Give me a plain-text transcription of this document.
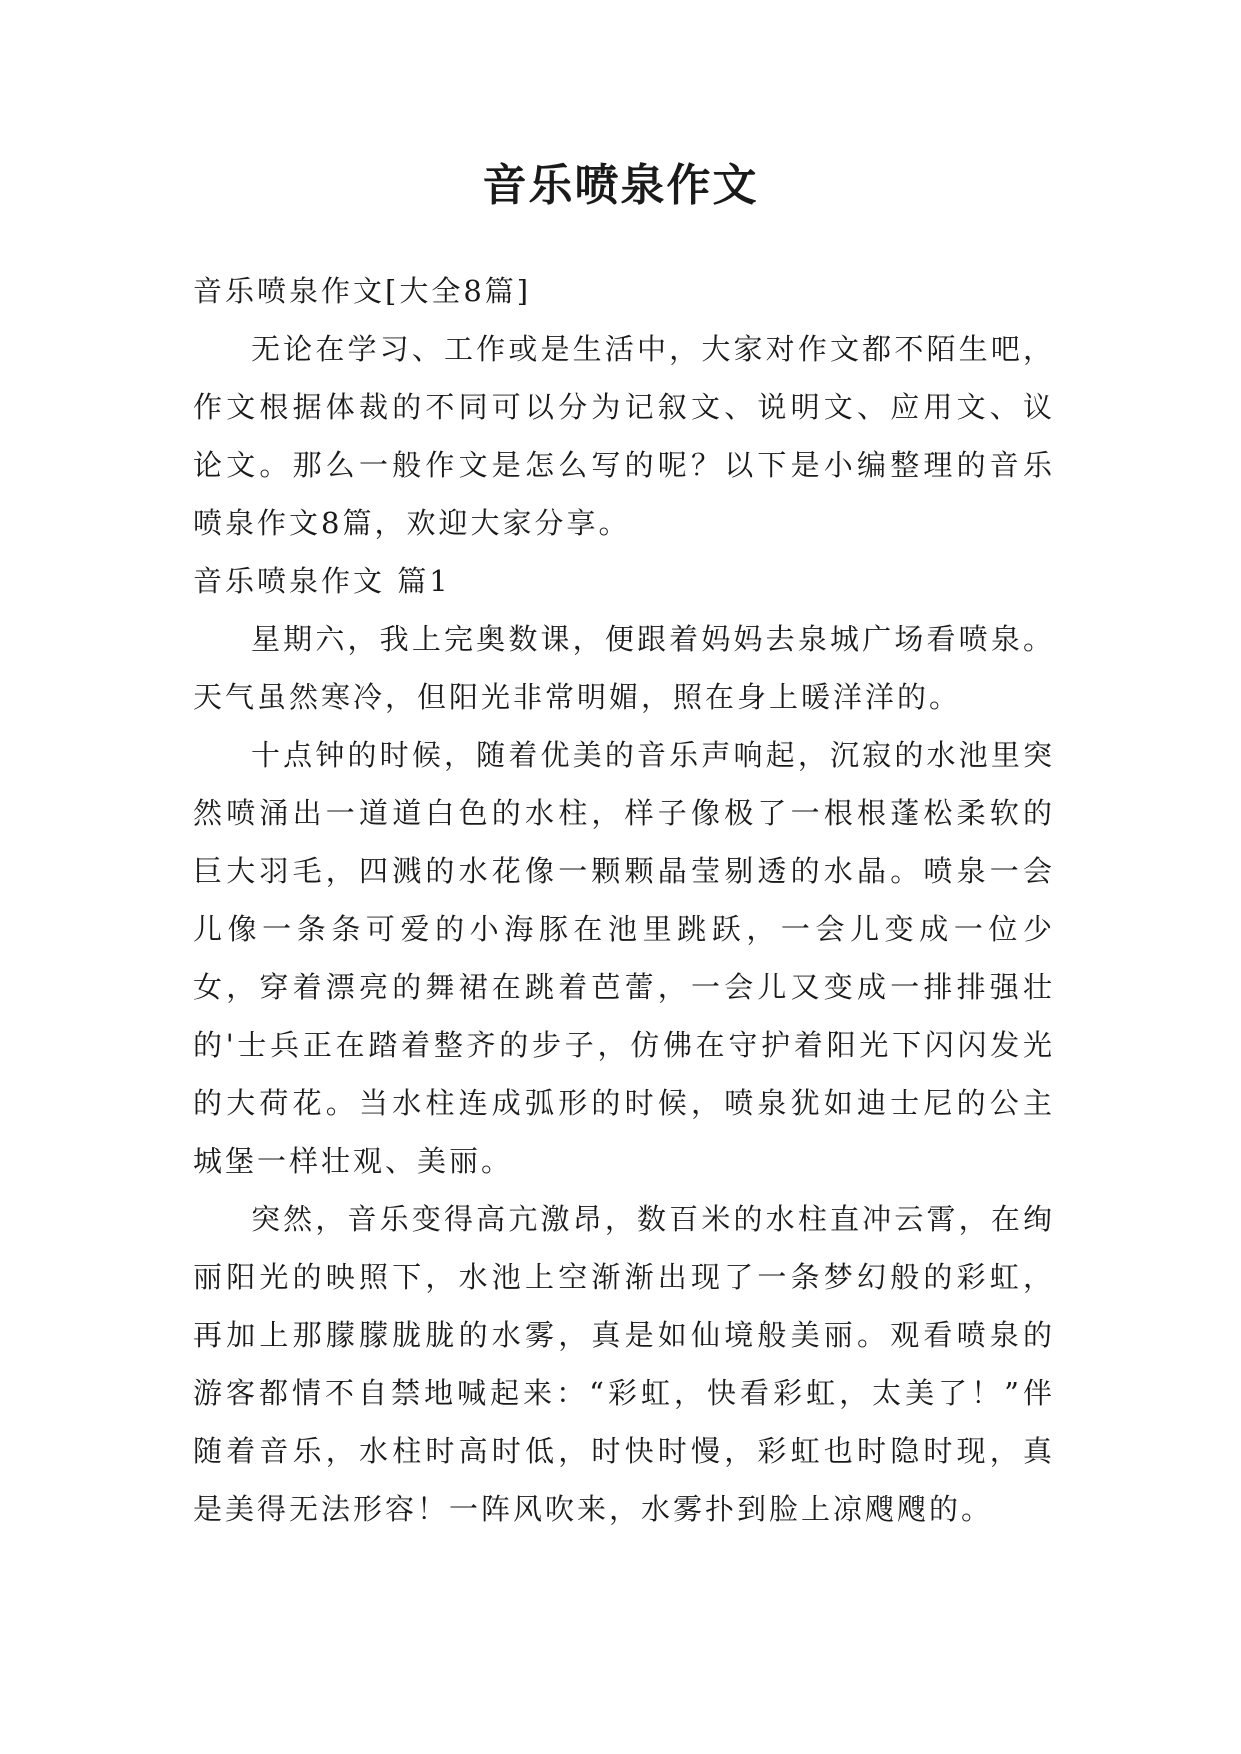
音乐喷泉作文

音乐喷泉作文[大全8篇]

无论在学习、工作或是生活中，大家对作文都不陌生吧，作文根据体裁的不同可以分为记叙文、说明文、应用文、议论文。那么一般作文是怎么写的呢？以下是小编整理的音乐喷泉作文8篇，欢迎大家分享。

音乐喷泉作文 篇1

星期六，我上完奥数课，便跟着妈妈去泉城广场看喷泉。天气虽然寒冷，但阳光非常明媚，照在身上暖洋洋的。

十点钟的时候，随着优美的音乐声响起，沉寂的水池里突然喷涌出一道道白色的水柱，样子像极了一根根蓬松柔软的巨大羽毛，四溅的水花像一颗颗晶莹剔透的水晶。喷泉一会儿像一条条可爱的小海豚在池里跳跃，一会儿变成一位少女，穿着漂亮的舞裙在跳着芭蕾，一会儿又变成一排排强壮的'士兵正在踏着整齐的步子，仿佛在守护着阳光下闪闪发光的大荷花。当水柱连成弧形的时候，喷泉犹如迪士尼的公主城堡一样壮观、美丽。

突然，音乐变得高亢激昂，数百米的水柱直冲云霄，在绚丽阳光的映照下，水池上空渐渐出现了一条梦幻般的彩虹，再加上那朦朦胧胧的水雾，真是如仙境般美丽。观看喷泉的游客都情不自禁地喊起来：“彩虹，快看彩虹，太美了！”伴随着音乐，水柱时高时低，时快时慢，彩虹也时隐时现，真是美得无法形容！一阵风吹来，水雾扑到脸上凉飕飕的。
